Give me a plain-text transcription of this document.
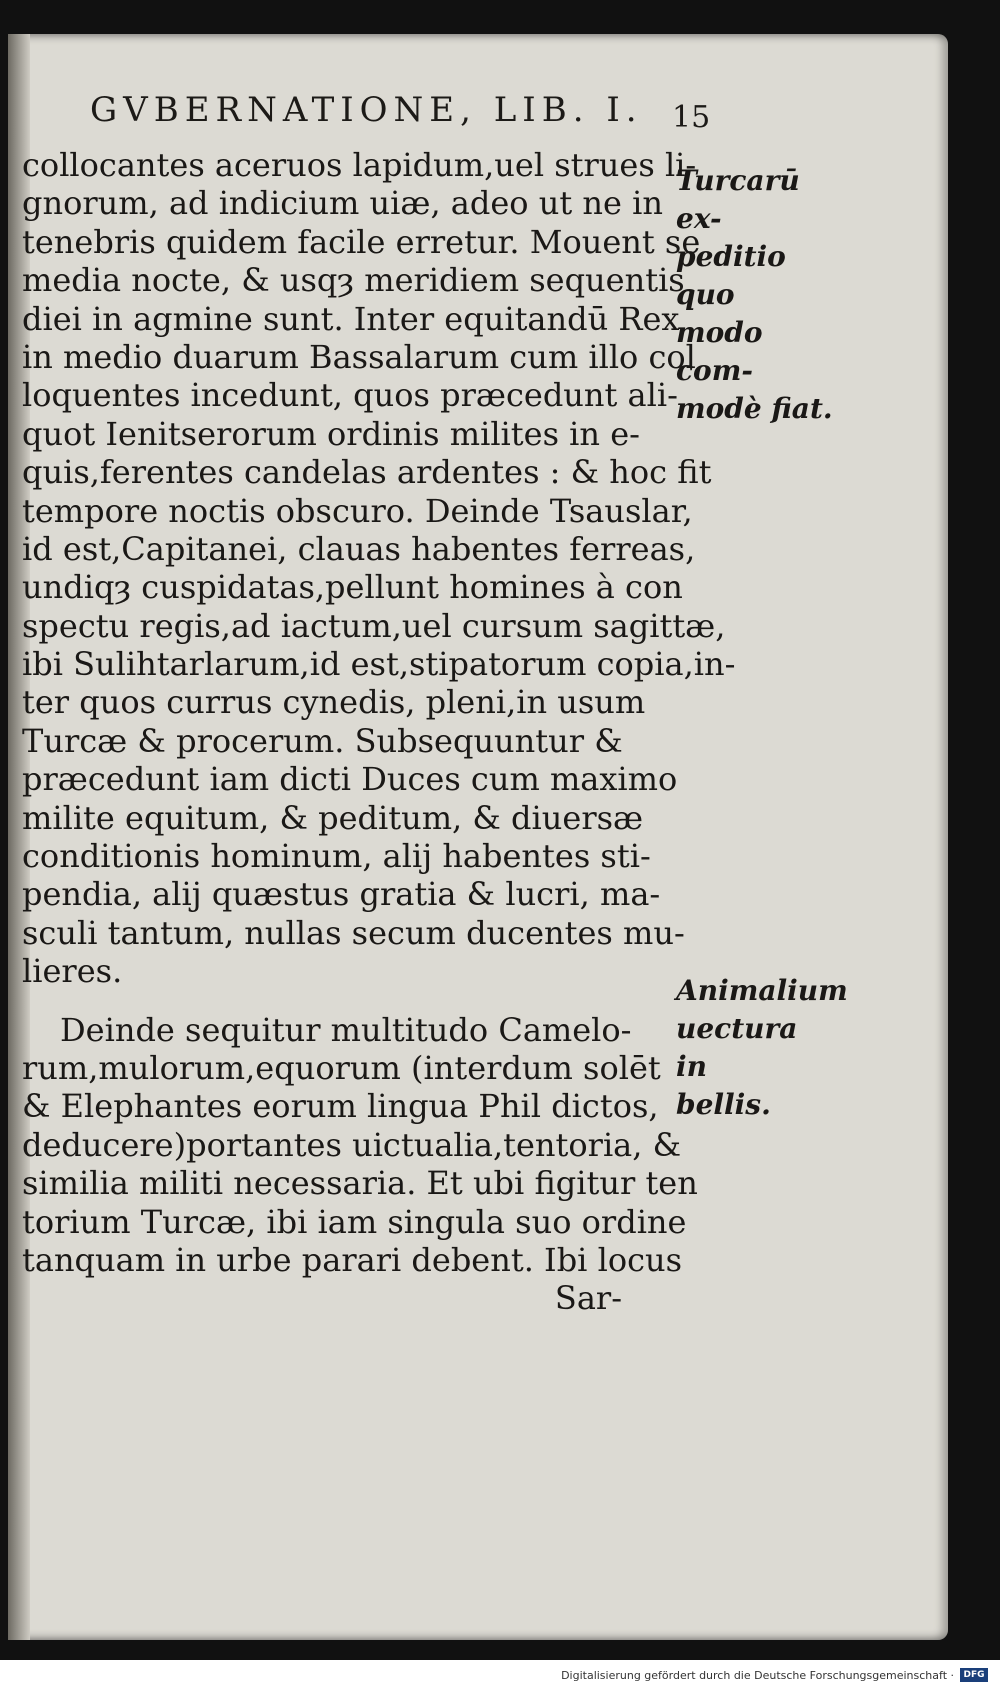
GVBERNATIONE, LIB. I. 15
collocantes aceruos lapidum,uel strues li-
gnorum, ad indicium uiæ, adeo ut ne in
tenebris quidem facile erretur. Mouent se
media nocte, & usqȝ meridiem sequentis
diei in agmine sunt. Inter equitandū Rex
in medio duarum Bassalarum cum illo col
loquentes incedunt, quos præcedunt ali-
quot Ienitserorum ordinis milites in e-
quis,ferentes candelas ardentes : & hoc fit
tempore noctis obscuro. Deinde Tsauslar,
id est,Capitanei, clauas habentes ferreas,
undiqȝ cuspidatas,pellunt homines à con
spectu regis,ad iactum,uel cursum sagittæ,
ibi Sulihtarlarum,id est,stipatorum copia,in-
ter quos currus cynedis, pleni,in usum
Turcæ & procerum. Subsequuntur &
præcedunt iam dicti Duces cum maximo
milite equitum, & peditum, & diuersæ
conditionis hominum, alij habentes sti-
pendia, alij quæstus gratia & lucri, ma-
sculi tantum, nullas secum ducentes mu-
lieres.
Deinde sequitur multitudo Camelo-
rum,mulorum,equorum (interdum solēt
& Elephantes eorum lingua Phil dictos,
deducere)portantes uictualia,tentoria, &
similia militi necessaria. Et ubi figitur ten
torium Turcæ, ibi iam singula suo ordine
tanquam in urbe parari debent. Ibi locus
Sar-
Turcarū ex-
peditio quo
modo com-
modè fiat.
Animalium
uectura in
bellis.
Digitalisierung gefördert durch die Deutsche Forschungsgemeinschaft ·	DFG
